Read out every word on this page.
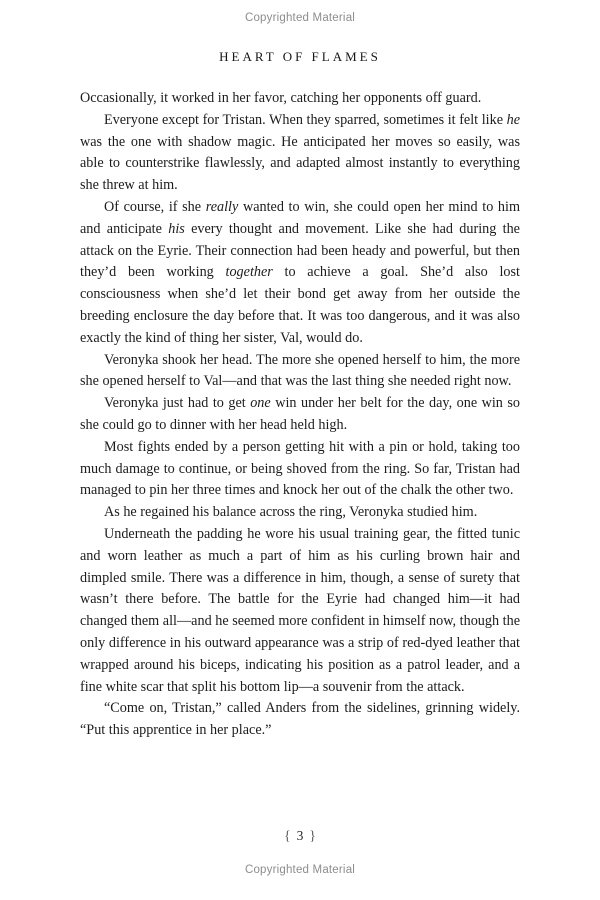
Copyrighted Material
HEART OF FLAMES

Occasionally, it worked in her favor, catching her opponents off guard.

Everyone except for Tristan. When they sparred, sometimes it felt like he was the one with shadow magic. He anticipated her moves so easily, was able to counterstrike flawlessly, and adapted almost instantly to everything she threw at him.

Of course, if she really wanted to win, she could open her mind to him and anticipate his every thought and movement. Like she had during the attack on the Eyrie. Their connection had been heady and powerful, but then they’d been working together to achieve a goal. She’d also lost consciousness when she’d let their bond get away from her outside the breeding enclosure the day before that. It was too dangerous, and it was also exactly the kind of thing her sister, Val, would do.

Veronyka shook her head. The more she opened herself to him, the more she opened herself to Val—and that was the last thing she needed right now.

Veronyka just had to get one win under her belt for the day, one win so she could go to dinner with her head held high.

Most fights ended by a person getting hit with a pin or hold, taking too much damage to continue, or being shoved from the ring. So far, Tristan had managed to pin her three times and knock her out of the chalk the other two.

As he regained his balance across the ring, Veronyka studied him.

Underneath the padding he wore his usual training gear, the fitted tunic and worn leather as much a part of him as his curling brown hair and dimpled smile. There was a difference in him, though, a sense of surety that wasn’t there before. The battle for the Eyrie had changed him—it had changed them all—and he seemed more confident in himself now, though the only difference in his outward appearance was a strip of red-dyed leather that wrapped around his biceps, indicating his position as a patrol leader, and a fine white scar that split his bottom lip—a souvenir from the attack.

“Come on, Tristan,” called Anders from the sidelines, grinning widely. “Put this apprentice in her place.”

{ 3 }
Copyrighted Material
